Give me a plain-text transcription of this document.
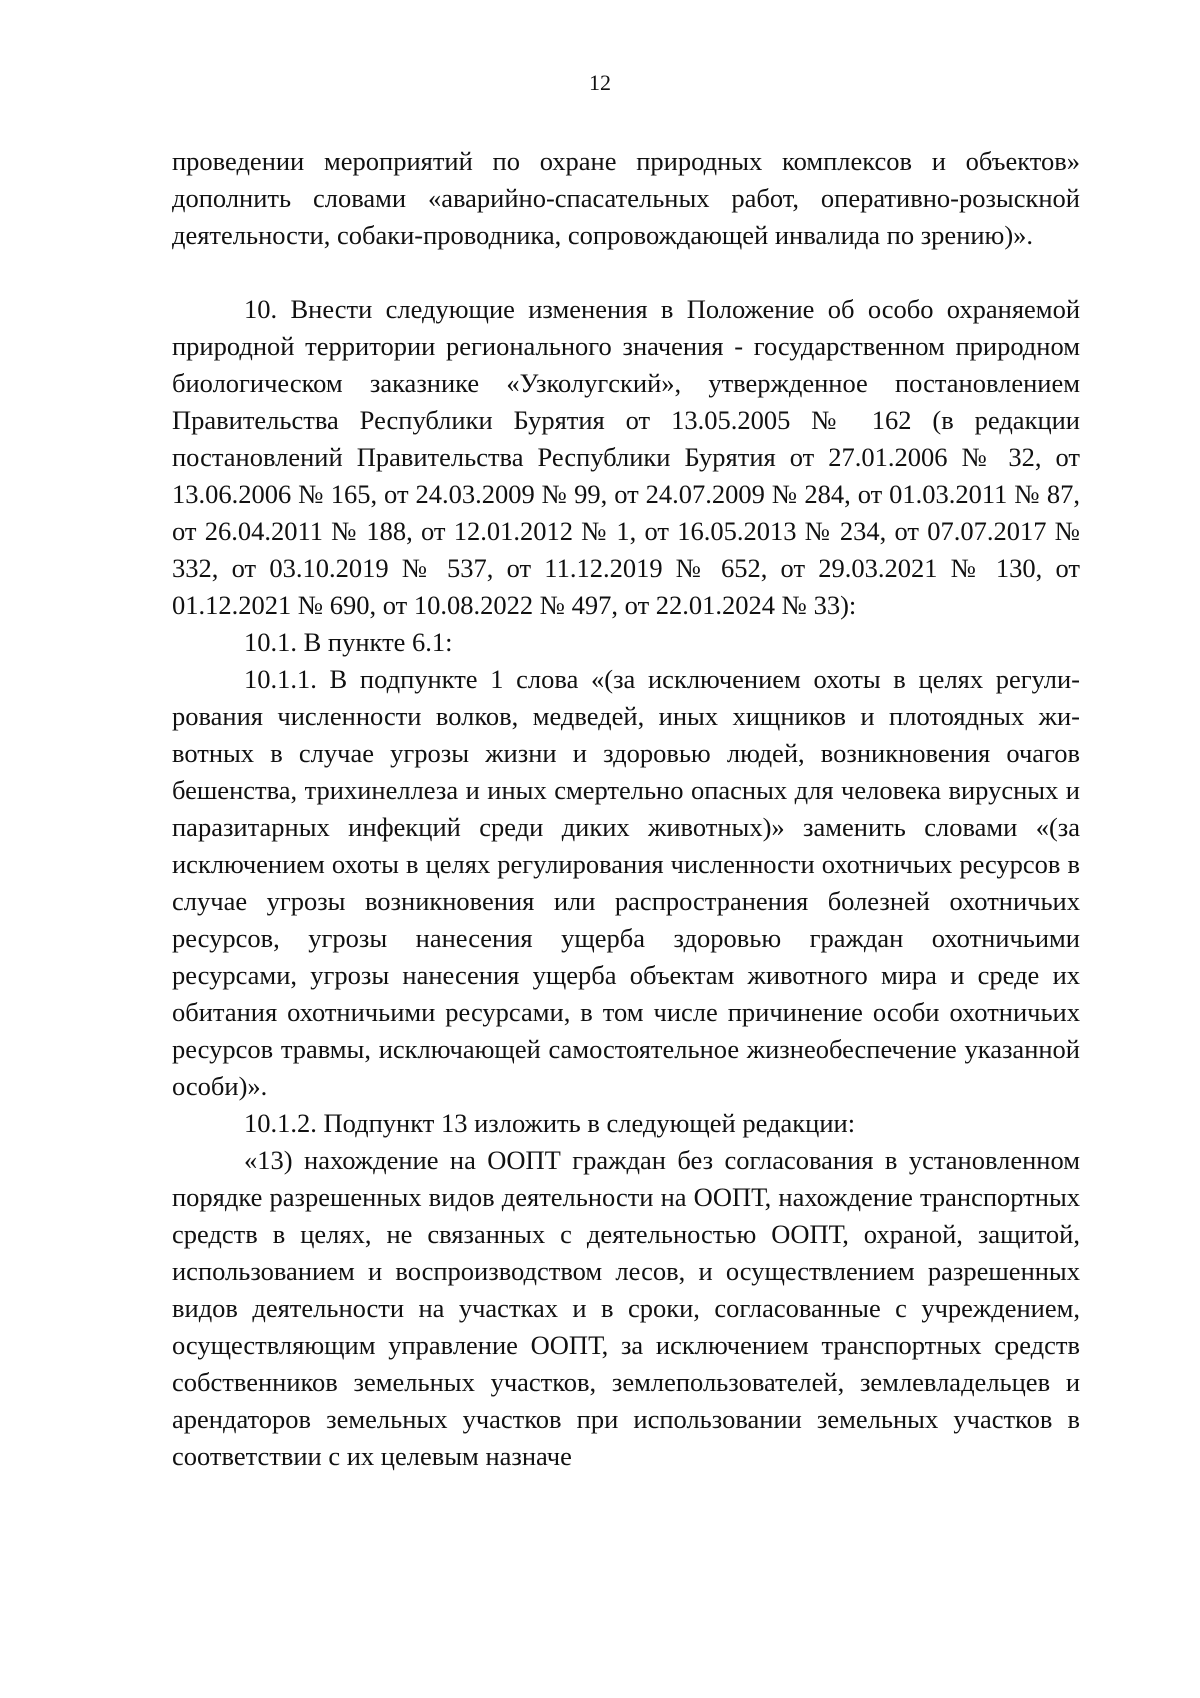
12

проведении мероприятий по охране природных комплексов и объектов» дополнить словами «аварийно-спасательных работ, оперативно-розыскной деятельности, собаки-проводника, сопровождающей инвалида по зрению)».

10. Внести следующие изменения в Положение об особо охраняемой природной территории регионального значения - государственном природном биологическом заказнике «Узколугский», утвержденное постановлением Правительства Республики Бурятия от 13.05.2005 № 162 (в редакции постановлений Правительства Республики Бурятия от 27.01.2006 № 32, от 13.06.2006 № 165, от 24.03.2009 № 99, от 24.07.2009 № 284, от 01.03.2011 № 87, от 26.04.2011 № 188, от 12.01.2012 № 1, от 16.05.2013 № 234, от 07.07.2017 № 332, от 03.10.2019 № 537, от 11.12.2019 № 652, от 29.03.2021 № 130, от 01.12.2021 № 690, от 10.08.2022 № 497, от 22.01.2024 № 33):

10.1. В пункте 6.1:

10.1.1. В подпункте 1 слова «(за исключением охоты в целях регулирования численности волков, медведей, иных хищников и плотоядных животных в случае угрозы жизни и здоровью людей, возникновения очагов бешенства, трихинеллеза и иных смертельно опасных для человека вирусных и паразитарных инфекций среди диких животных)» заменить словами «(за исключением охоты в целях регулирования численности охотничьих ресурсов в случае угрозы возникновения или распространения болезней охотничьих ресурсов, угрозы нанесения ущерба здоровью граждан охотничьими ресурсами, угрозы нанесения ущерба объектам животного мира и среде их обитания охотничьими ресурсами, в том числе причинение особи охотничьих ресурсов травмы, исключающей самостоятельное жизнеобеспечение указанной особи)».

10.1.2. Подпункт 13 изложить в следующей редакции:

«13) нахождение на ООПТ граждан без согласования в установленном порядке разрешенных видов деятельности на ООПТ, нахождение транспортных средств в целях, не связанных с деятельностью ООПТ, охраной, защитой, использованием и воспроизводством лесов, и осуществлением разрешенных видов деятельности на участках и в сроки, согласованные с учреждением, осуществляющим управление ООПТ, за исключением транспортных средств собственников земельных участков, землепользователей, землевладельцев и арендаторов земельных участков при использовании земельных участков в соответствии с их целевым назначе
